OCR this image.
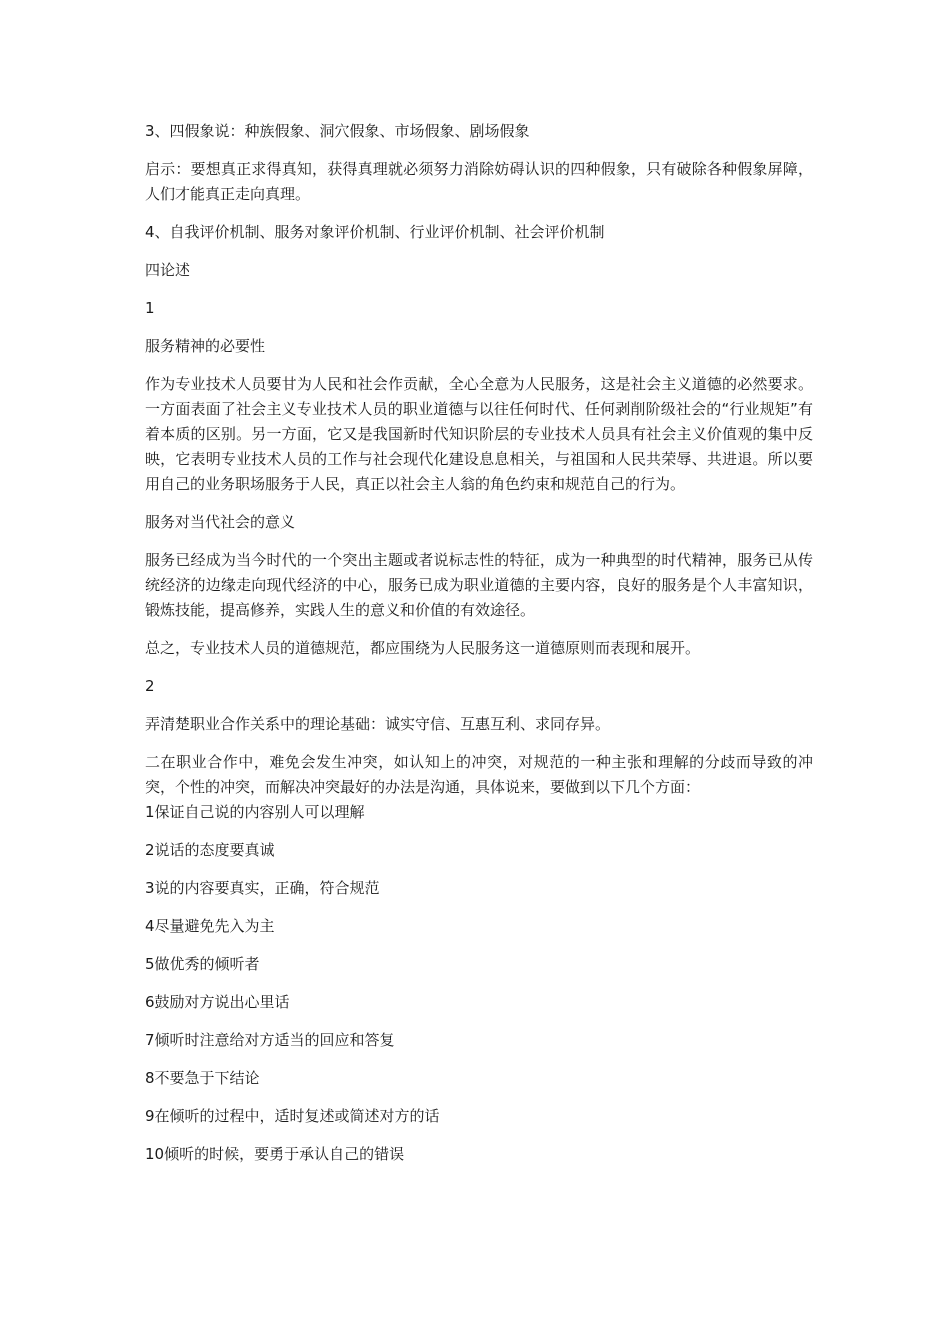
3、四假象说：种族假象、洞穴假象、市场假象、剧场假象

启示：要想真正求得真知，获得真理就必须努力消除妨碍认识的四种假象，只有破除各种假象屏障，人们才能真正走向真理。

4、自我评价机制、服务对象评价机制、行业评价机制、社会评价机制

四论述

1

服务精神的必要性

作为专业技术人员要甘为人民和社会作贡献，全心全意为人民服务，这是社会主义道德的必然要求。一方面表面了社会主义专业技术人员的职业道德与以往任何时代、任何剥削阶级社会的“行业规矩”有着本质的区别。另一方面，它又是我国新时代知识阶层的专业技术人员具有社会主义价值观的集中反映，它表明专业技术人员的工作与社会现代化建设息息相关，与祖国和人民共荣辱、共进退。所以要用自己的业务职场服务于人民，真正以社会主人翁的角色约束和规范自己的行为。

服务对当代社会的意义

服务已经成为当今时代的一个突出主题或者说标志性的特征，成为一种典型的时代精神，服务已从传统经济的边缘走向现代经济的中心，服务已成为职业道德的主要内容，良好的服务是个人丰富知识，锻炼技能，提高修养，实践人生的意义和价值的有效途径。

总之，专业技术人员的道德规范，都应围绕为人民服务这一道德原则而表现和展开。

2

弄清楚职业合作关系中的理论基础：诚实守信、互惠互利、求同存异。

二在职业合作中，难免会发生冲突，如认知上的冲突，对规范的一种主张和理解的分歧而导致的冲突，个性的冲突，而解决冲突最好的办法是沟通，具体说来，要做到以下几个方面：

1保证自己说的内容别人可以理解

2说话的态度要真诚

3说的内容要真实，正确，符合规范

4尽量避免先入为主

5做优秀的倾听者

6鼓励对方说出心里话

7倾听时注意给对方适当的回应和答复

8不要急于下结论

9在倾听的过程中，适时复述或简述对方的话

10倾听的时候，要勇于承认自己的错误
